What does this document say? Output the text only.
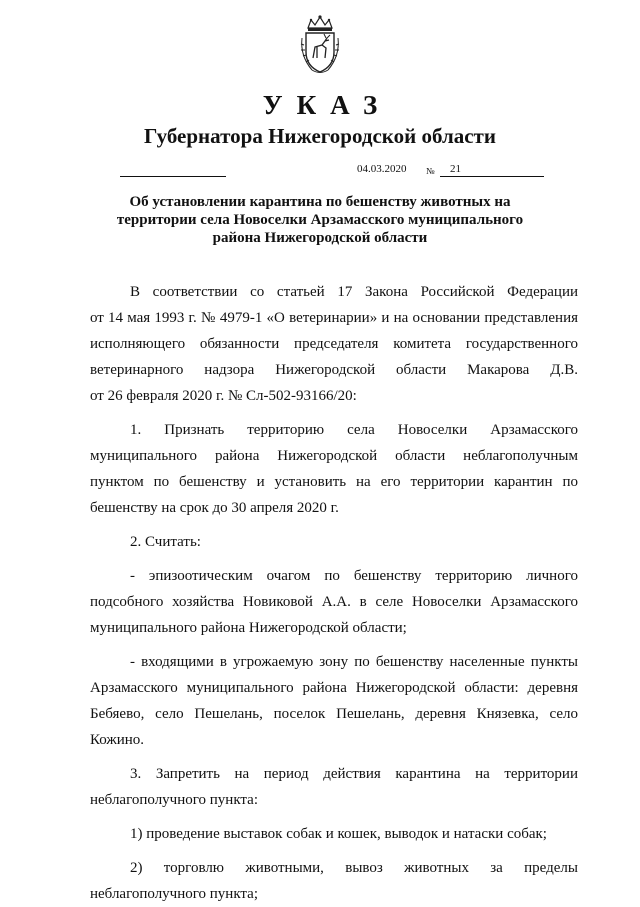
УКАЗ
Губернатора Нижегородской области
04.03.2020 № 21
Об установлении карантина по бешенству животных на
территории села Новоселки Арзамасского муниципального
района Нижегородской области
В соответствии со статьей 17 Закона Российской Федерации
от 14 мая 1993 г. № 4979-1 «О ветеринарии» и на основании представления
исполняющего обязанности председателя комитета государственного
ветеринарного надзора Нижегородской области Макарова Д.В.
от 26 февраля 2020 г. № Сл-502-93166/20:
1. Признать территорию села Новоселки Арзамасского
муниципального района Нижегородской области неблагополучным
пунктом по бешенству и установить на его территории карантин по
бешенству на срок до 30 апреля 2020 г.
2. Считать:
- эпизоотическим очагом по бешенству территорию личного
подсобного хозяйства Новиковой А.А. в селе Новоселки Арзамасского
муниципального района Нижегородской области;
- входящими в угрожаемую зону по бешенству населенные пункты
Арзамасского муниципального района Нижегородской области: деревня
Бебяево, село Пешелань, поселок Пешелань, деревня Князевка, село
Кожино.
3. Запретить на период действия карантина на территории
неблагополучного пункта:
1) проведение выставок собак и кошек, выводок и натаски собак;
2) торговлю животными, вывоз животных за пределы
неблагополучного пункта;
